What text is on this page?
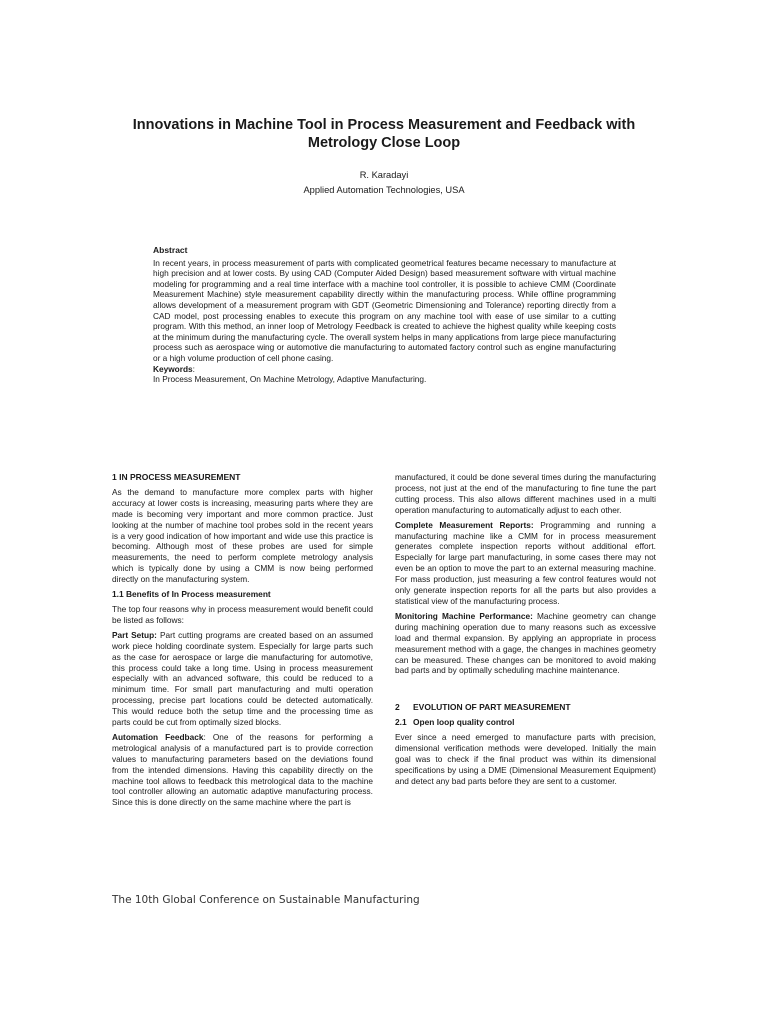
Innovations in Machine Tool in Process Measurement and Feedback with
Metrology Close Loop
R. Karadayi
Applied Automation Technologies, USA
Abstract

In recent years, in process measurement of parts with complicated geometrical features became necessary to manufacture at high precision and at lower costs. By using CAD (Computer Aided Design) based measurement software with virtual machine modeling for programming and a real time interface with a machine tool controller, it is possible to achieve CMM (Coordinate Measurement Machine) style measurement capability directly within the manufacturing process. While offline programming allows development of a measurement program with GDT (Geometric Dimensioning and Tolerance) reporting directly from a CAD model, post processing enables to execute this program on any machine tool with ease of use similar to a cutting program. With this method, an inner loop of Metrology Feedback is created to achieve the highest quality while keeping costs at the minimum during the manufacturing cycle. The overall system helps in many applications from large piece manufacturing process such as aerospace wing or automotive die manufacturing to automated factory control such as engine manufacturing or a high volume production of cell phone casing.

Keywords:
In Process Measurement, On Machine Metrology, Adaptive Manufacturing.

1 IN PROCESS MEASUREMENT

As the demand to manufacture more complex parts with higher accuracy at lower costs is increasing, measuring parts where they are made is becoming very important and more common practice. Just looking at the number of machine tool probes sold in the recent years is a very good indication of how important and wide use this practice is becoming. Although most of these probes are used for simple measurements, the need to perform complete metrology analysis which is typically done by using a CMM is now being performed directly on the manufacturing system.

1.1 Benefits of In Process measurement

The top four reasons why in process measurement would benefit could be listed as follows:

Part Setup: Part cutting programs are created based on an assumed work piece holding coordinate system. Especially for large parts such as the case for aerospace or large die manufacturing for automotive, this process could take a long time. Using in process measurement especially with an advanced software, this could be reduced to a minimum time. For small part manufacturing and multi operation processing, precise part locations could be detected automatically. This would reduce both the setup time and the processing time as parts could be cut from optimally sized blocks.

Automation Feedback: One of the reasons for performing a metrological analysis of a manufactured part is to provide correction values to manufacturing parameters based on the deviations found from the intended dimensions. Having this capability directly on the machine tool allows to feedback this metrological data to the machine tool controller allowing an automatic adaptive manufacturing process. Since this is done directly on the same machine where the part is

manufactured, it could be done several times during the manufacturing process, not just at the end of the manufacturing to fine tune the part cutting process. This also allows different machines used in a multi operation manufacturing to automatically adjust to each other.

Complete Measurement Reports: Programming and running a manufacturing machine like a CMM for in process measurement generates complete inspection reports without additional effort. Especially for large part manufacturing, in some cases there may not even be an option to move the part to an external measuring machine. For mass production, just measuring a few control features would not only generate inspection reports for all the parts but also provides a statistical view of the manufacturing process.

Monitoring Machine Performance: Machine geometry can change during machining operation due to many reasons such as excessive load and thermal expansion. By applying an appropriate in process measurement method with a gage, the changes in machines geometry can be measured. These changes can be monitored to avoid making bad parts and by optimally scheduling machine maintenance.

2 EVOLUTION OF PART MEASUREMENT
2.1 Open loop quality control

Ever since a need emerged to manufacture parts with precision, dimensional verification methods were developed. Initially the main goal was to check if the final product was within its dimensional specifications by using a DME (Dimensional Measurement Equipment) and detect any bad parts before they are sent to a customer.

The 10th Global Conference on Sustainable Manufacturing
